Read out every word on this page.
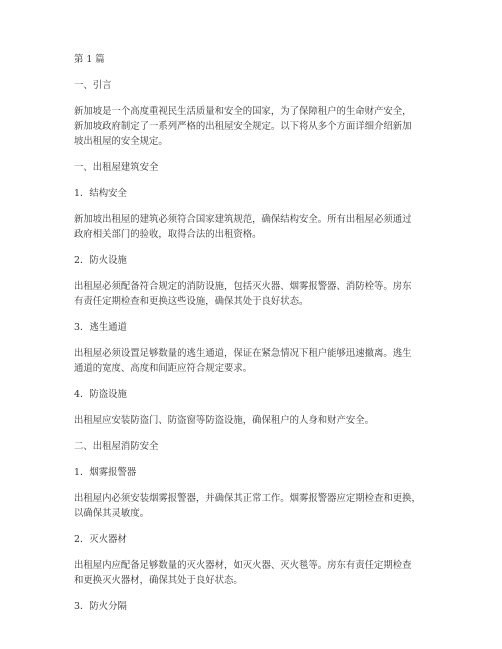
第 1 篇

一、引言

新加坡是一个高度重视民生活质量和安全的国家，为了保障租户的生命财产安全，

新加坡政府制定了一系列严格的出租屋安全规定。以下将从多个方面详细介绍新加

坡出租屋的安全规定。

一、出租屋建筑安全

1．结构安全

新加坡出租屋的建筑必须符合国家建筑规范，确保结构安全。所有出租屋必须通过

政府相关部门的验收，取得合法的出租资格。

2．防火设施

出租屋必须配备符合规定的消防设施，包括灭火器、烟雾报警器、消防栓等。房东

有责任定期检查和更换这些设施，确保其处于良好状态。

3．逃生通道

出租屋必须设置足够数量的逃生通道，保证在紧急情况下租户能够迅速撤离。逃生

通道的宽度、高度和间距应符合规定要求。

4．防盗设施

出租屋应安装防盗门、防盗窗等防盗设施，确保租户的人身和财产安全。

二、出租屋消防安全

1．烟雾报警器

出租屋内必须安装烟雾报警器，并确保其正常工作。烟雾报警器应定期检查和更换，

以确保其灵敏度。

2．灭火器材

出租屋内应配备足够数量的灭火器材，如灭火器、灭火毯等。房东有责任定期检查

和更换灭火器材，确保其处于良好状态。

3．防火分隔
